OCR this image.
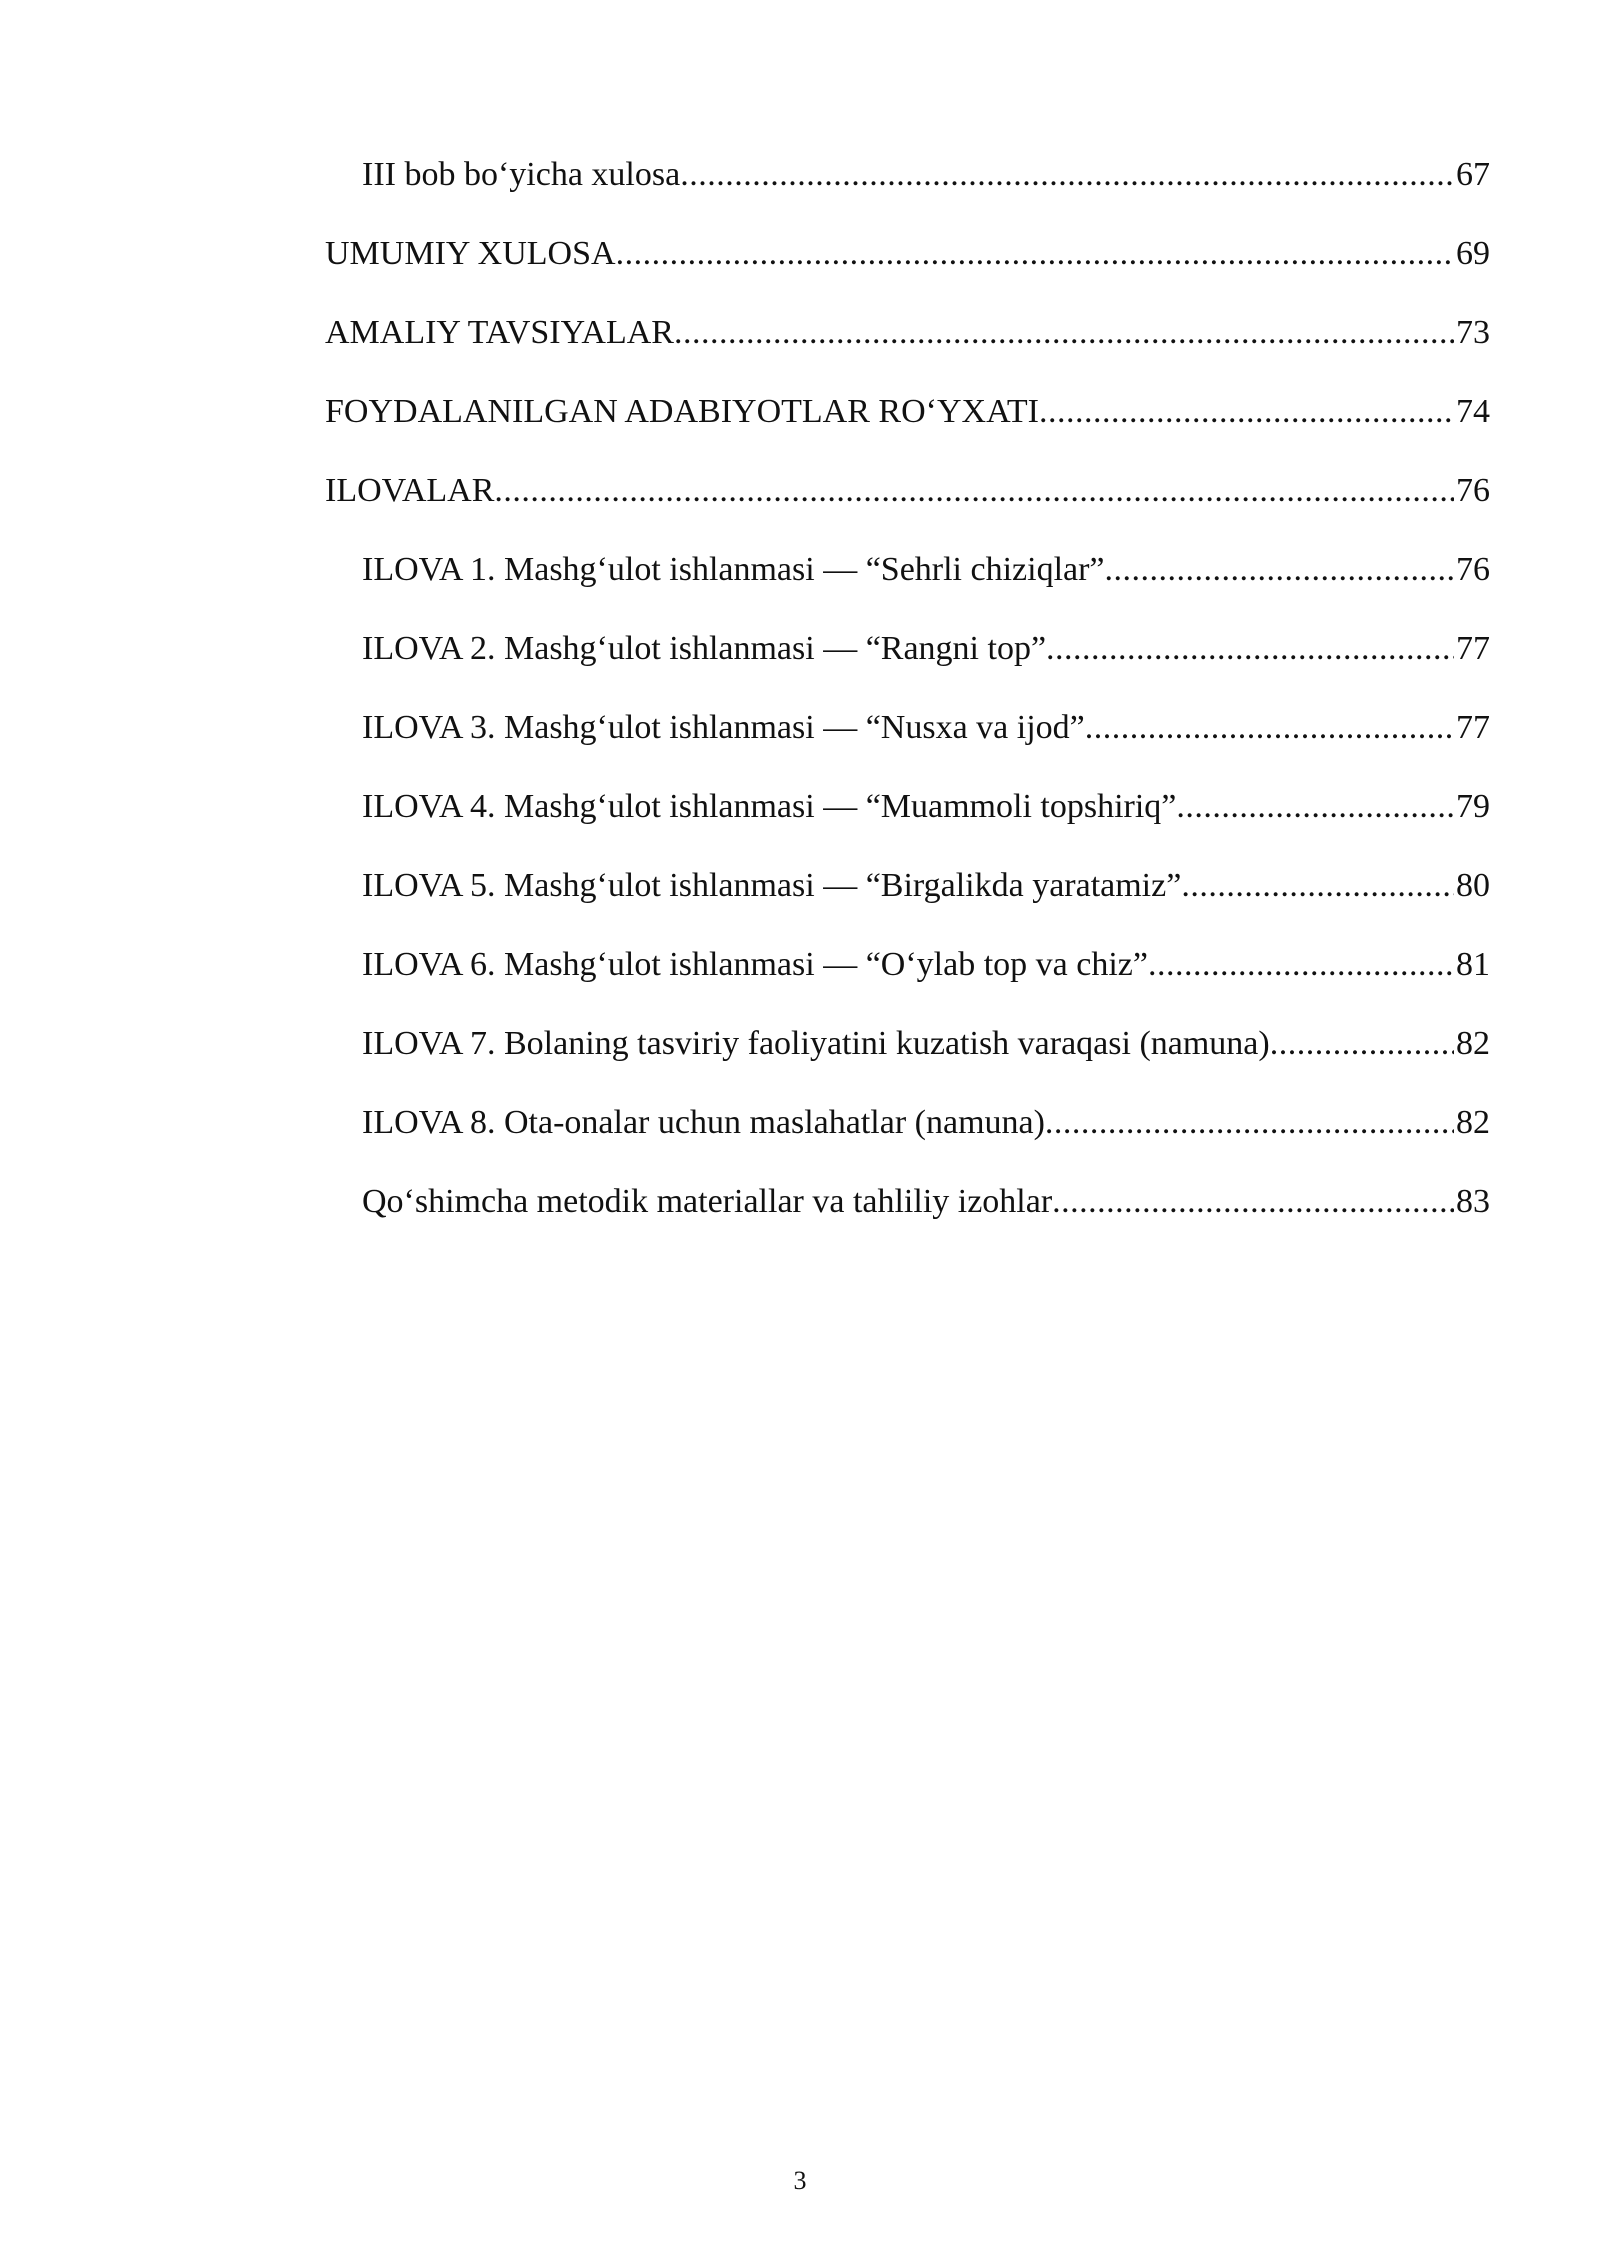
III bob bo‘yicha xulosa .....	67
UMUMIY XULOSA .....	69
AMALIY TAVSIYALAR .....	73
FOYDALANILGAN ADABIYOTLAR RO‘YXATI .....	74
ILOVALAR .....	76
ILOVA 1. Mashg‘ulot ishlanmasi — “Sehrli chiziqlar” .....	76
ILOVA 2. Mashg‘ulot ishlanmasi — “Rangni top” .....	77
ILOVA 3. Mashg‘ulot ishlanmasi — “Nusxa va ijod” .....	77
ILOVA 4. Mashg‘ulot ishlanmasi — “Muammoli topshiriq” .....	79
ILOVA 5. Mashg‘ulot ishlanmasi — “Birgalikda yaratamiz” .....	80
ILOVA 6. Mashg‘ulot ishlanmasi — “O‘ylab top va chiz” .....	81
ILOVA 7. Bolaning tasviriy faoliyatini kuzatish varaqasi (namuna) .....	82
ILOVA 8. Ota-onalar uchun maslahatlar (namuna) .....	82
Qo‘shimcha metodik materiallar va tahliliy izohlar .....	83
3
